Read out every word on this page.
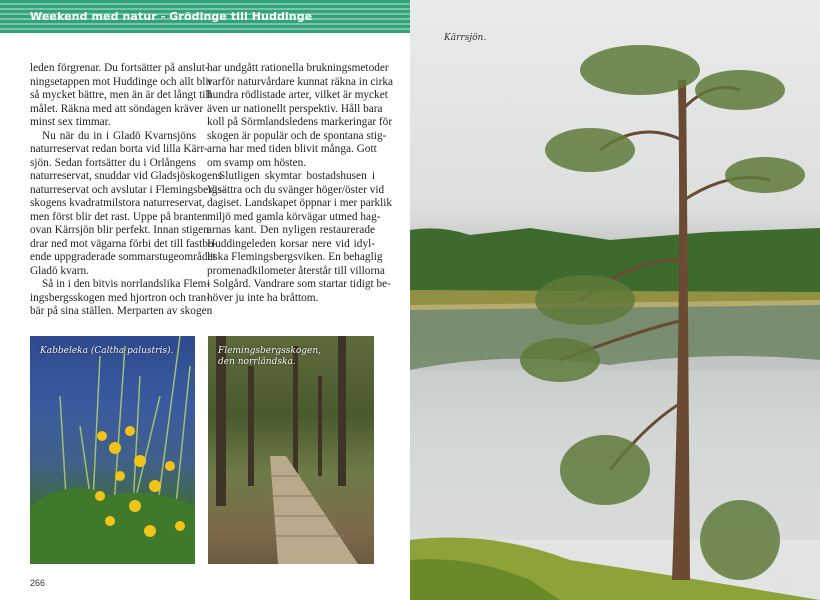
Weekend med natur - Grödinge till Huddinge
leden förgrenar. Du fortsätter på anslut-
ningsetappen mot Huddinge och allt blir
så mycket bättre, men än är det långt till
målet. Räkna med att söndagen kräver
minst sex timmar.
Nu när du in i Gladö Kvarnsjöns
naturreservat redan borta vid lilla Kärr-
sjön. Sedan fortsätter du i Orlångens
naturreservat, snuddar vid Gladsjöskogens
naturreservat och avslutar i Flemingsbergs-
skogens kvadratmilstora naturreservat,
men först blir det rast. Uppe på branten
ovan Kärrsjön blir perfekt. Innan stigen
drar ned mot vägarna förbi det till fastbo-
ende uppgraderade sommarstugeområdet
Gladö kvarn.
Så in i den bitvis norrlandslika Flem-
ingsbergsskogen med hjortron och tran-
bär på sina ställen. Merparten av skogen
har undgått rationella brukningsmetoder
varför naturvårdare kunnat räkna in cirka
hundra rödlistade arter, vilket är mycket
även ur nationellt perspektiv. Håll bara
koll på Sörmlandsledens markeringar för
skogen är populär och de spontana stig-
arna har med tiden blivit många. Gott
om svamp om hösten.
Slutligen skymtar bostadshusen i
Visättra och du svänger höger/öster vid
dagiset. Landskapet öppnar i mer parklik
miljö med gamla körvägar utmed hag-
arnas kant. Den nyligen restaurerade
Huddingeleden korsar nere vid idyl-
liska Flemingsbergsviken. En behaglig
promenadkilometer återstår till villorna
i Solgård. Vandrare som startar tidigt be-
höver ju inte ha bråttom.
Kabbeleka (Caltha palustris).	Flemingsbergsskogen,
den norrländska.
266
Kärrsjön.
267
